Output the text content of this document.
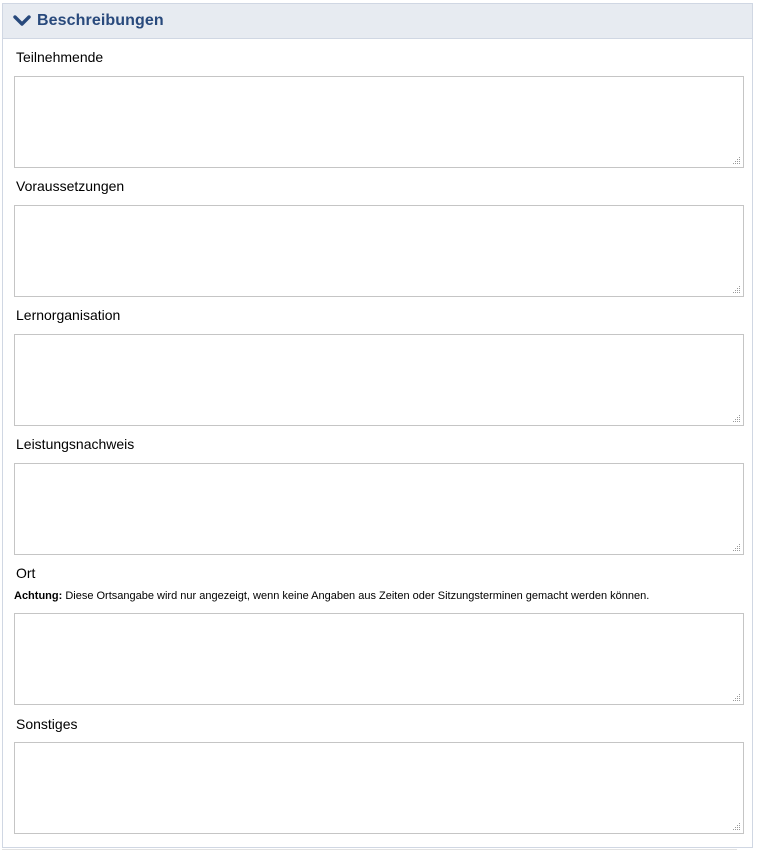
Beschreibungen
Teilnehmende
Voraussetzungen
Lernorganisation
Leistungsnachweis
Ort
Achtung: Diese Ortsangabe wird nur angezeigt, wenn keine Angaben aus Zeiten oder Sitzungsterminen gemacht werden können.
Sonstiges
